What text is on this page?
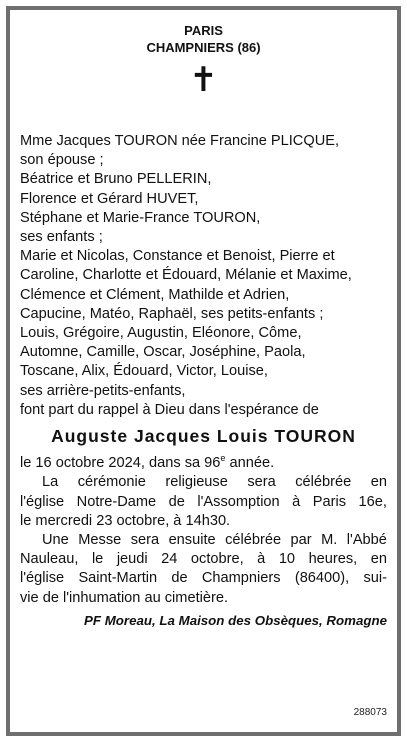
PARIS
CHAMPNIERS (86)
✝
Mme Jacques TOURON née Francine PLICQUE,
son épouse ;
Béatrice et Bruno PELLERIN,
Florence et Gérard HUVET,
Stéphane et Marie-France TOURON,
ses enfants ;
Marie et Nicolas, Constance et Benoist, Pierre et
Caroline, Charlotte et Édouard, Mélanie et Maxime,
Clémence et Clément, Mathilde et Adrien,
Capucine, Matéo, Raphaël, ses petits-enfants ;
Louis, Grégoire, Augustin, Eléonore, Côme,
Automne, Camille, Oscar, Joséphine, Paola,
Toscane, Alix, Édouard, Victor, Louise,
ses arrière-petits-enfants,
font part du rappel à Dieu dans l'espérance de
Auguste Jacques Louis TOURON
le 16 octobre 2024, dans sa 96e année.
La cérémonie religieuse sera célébrée en
l'église Notre-Dame de l'Assomption à Paris 16e,
le mercredi 23 octobre, à 14h30.
Une Messe sera ensuite célébrée par M. l'Abbé
Nauleau, le jeudi 24 octobre, à 10 heures, en
l'église Saint-Martin de Champniers (86400), sui-
vie de l'inhumation au cimetière.
PF Moreau, La Maison des Obsèques, Romagne
288073
